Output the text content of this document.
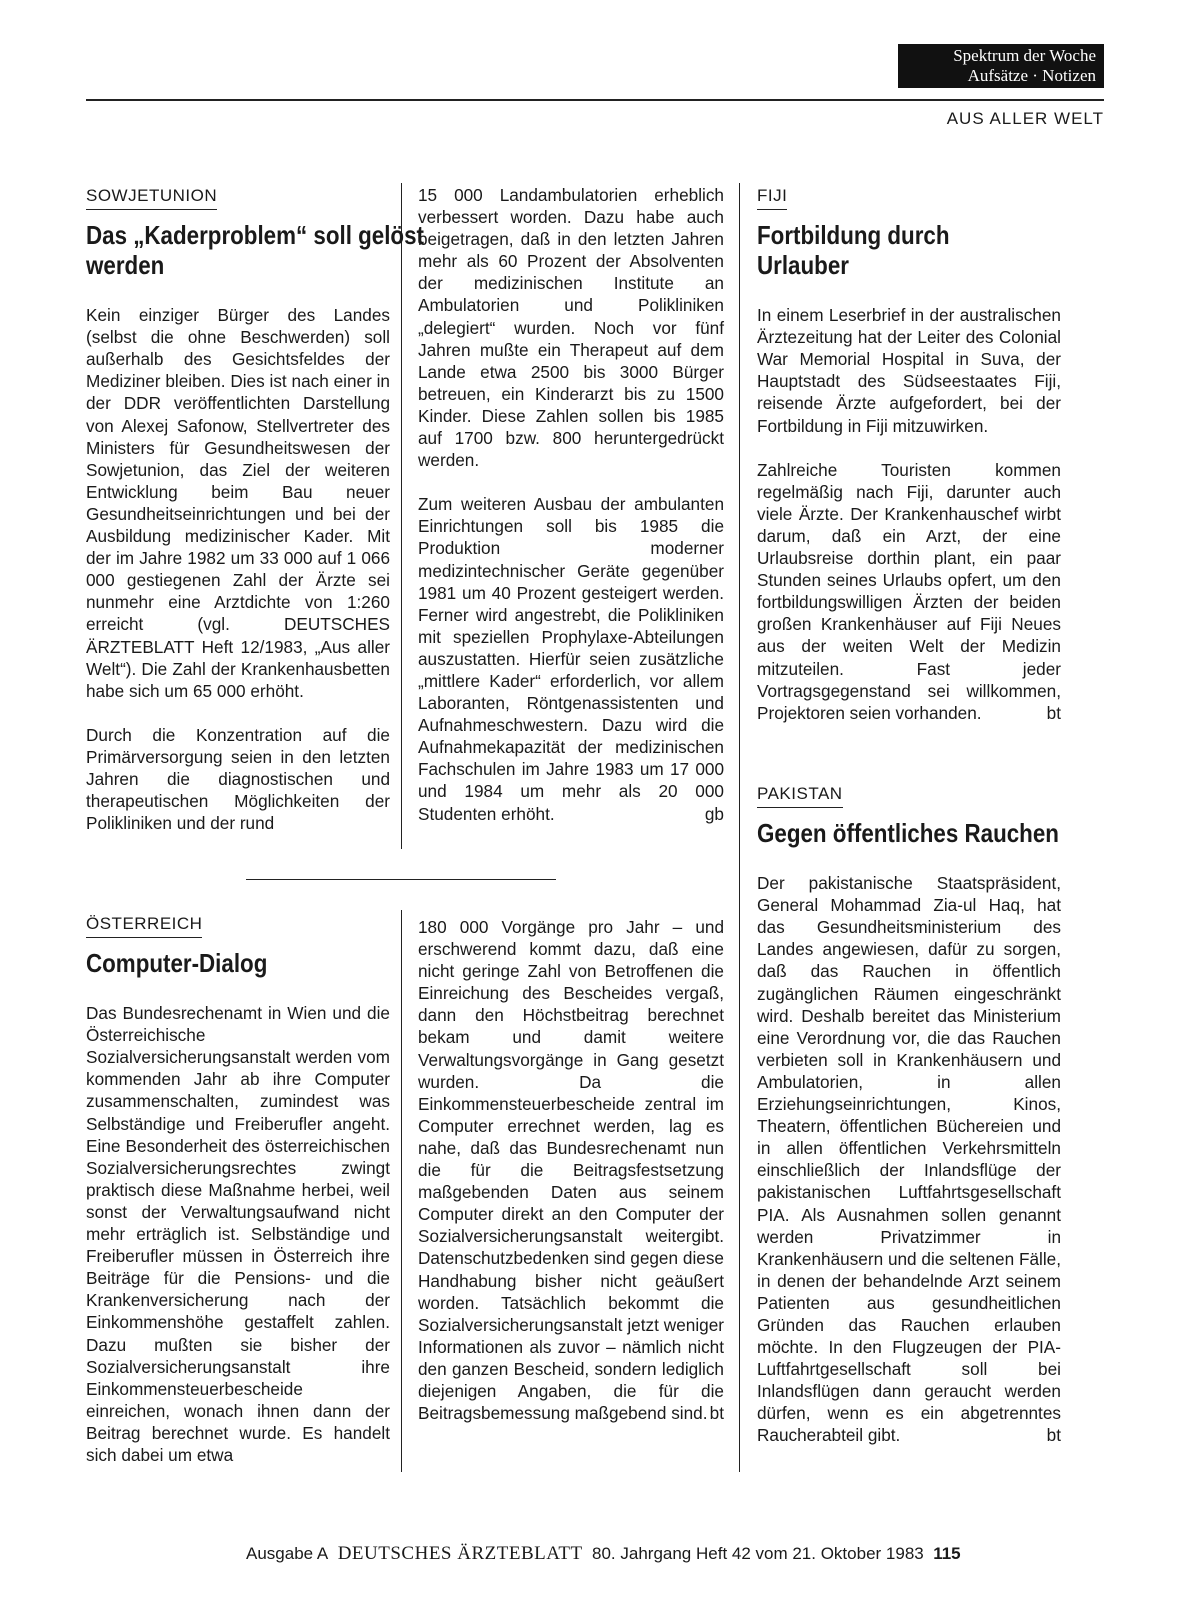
Spektrum der Woche
Aufsätze · Notizen
AUS ALLER WELT
SOWJETUNION
Das „Kaderproblem“ soll gelöst werden

Kein einziger Bürger des Landes (selbst die ohne Beschwerden) soll außerhalb des Gesichtsfeldes der Mediziner bleiben. Dies ist nach einer in der DDR veröffentlichten Darstellung von Alexej Safonow, Stellvertreter des Ministers für Gesundheitswesen der Sowjetunion, das Ziel der weiteren Entwicklung beim Bau neuer Gesundheitseinrichtungen und bei der Ausbildung medizinischer Kader. Mit der im Jahre 1982 um 33 000 auf 1 066 000 gestiegenen Zahl der Ärzte sei nunmehr eine Arztdichte von 1:260 erreicht (vgl. DEUTSCHES ÄRZTEBLATT Heft 12/1983, „Aus aller Welt“). Die Zahl der Krankenhausbetten habe sich um 65 000 erhöht.

Durch die Konzentration auf die Primärversorgung seien in den letzten Jahren die diagnostischen und therapeutischen Möglichkeiten der Polikliniken und der rund

15 000 Landambulatorien erheblich verbessert worden. Dazu habe auch beigetragen, daß in den letzten Jahren mehr als 60 Prozent der Absolventen der medizinischen Institute an Ambulatorien und Polikliniken „delegiert“ wurden. Noch vor fünf Jahren mußte ein Therapeut auf dem Lande etwa 2500 bis 3000 Bürger betreuen, ein Kinderarzt bis zu 1500 Kinder. Diese Zahlen sollen bis 1985 auf 1700 bzw. 800 heruntergedrückt werden.

Zum weiteren Ausbau der ambulanten Einrichtungen soll bis 1985 die Produktion moderner medizintechnischer Geräte gegenüber 1981 um 40 Prozent gesteigert werden. Ferner wird angestrebt, die Polikliniken mit speziellen Prophylaxe-Abteilungen auszustatten. Hierfür seien zusätzliche „mittlere Kader“ erforderlich, vor allem Laboranten, Röntgenassistenten und Aufnahmeschwestern. Dazu wird die Aufnahmekapazität der medizinischen Fachschulen im Jahre 1983 um 17 000 und 1984 um mehr als 20 000 Studenten erhöht.	gb

ÖSTERREICH
Computer-Dialog

Das Bundesrechenamt in Wien und die Österreichische Sozialversicherungsanstalt werden vom kommenden Jahr ab ihre Computer zusammenschalten, zumindest was Selbständige und Freiberufler angeht. Eine Besonderheit des österreichischen Sozialversicherungsrechtes zwingt praktisch diese Maßnahme herbei, weil sonst der Verwaltungsaufwand nicht mehr erträglich ist. Selbständige und Freiberufler müssen in Österreich ihre Beiträge für die Pensions- und die Krankenversicherung nach der Einkommenshöhe gestaffelt zahlen. Dazu mußten sie bisher der Sozialversicherungsanstalt ihre Einkommensteuerbescheide einreichen, wonach ihnen dann der Beitrag berechnet wurde. Es handelt sich dabei um etwa

180 000 Vorgänge pro Jahr – und erschwerend kommt dazu, daß eine nicht geringe Zahl von Betroffenen die Einreichung des Bescheides vergaß, dann den Höchstbeitrag berechnet bekam und damit weitere Verwaltungsvorgänge in Gang gesetzt wurden. Da die Einkommensteuerbescheide zentral im Computer errechnet werden, lag es nahe, daß das Bundesrechenamt nun die für die Beitragsfestsetzung maßgebenden Daten aus seinem Computer direkt an den Computer der Sozialversicherungsanstalt weitergibt. Datenschutzbedenken sind gegen diese Handhabung bisher nicht geäußert worden. Tatsächlich bekommt die Sozialversicherungsanstalt jetzt weniger Informationen als zuvor – nämlich nicht den ganzen Bescheid, sondern lediglich diejenigen Angaben, die für die Beitragsbemessung maßgebend sind. bt

FIJI
Fortbildung durch Urlauber

In einem Leserbrief in der australischen Ärztezeitung hat der Leiter des Colonial War Memorial Hospital in Suva, der Hauptstadt des Südseestaates Fiji, reisende Ärzte aufgefordert, bei der Fortbildung in Fiji mitzuwirken.

Zahlreiche Touristen kommen regelmäßig nach Fiji, darunter auch viele Ärzte. Der Krankenhauschef wirbt darum, daß ein Arzt, der eine Urlaubsreise dorthin plant, ein paar Stunden seines Urlaubs opfert, um den fortbildungswilligen Ärzten der beiden großen Krankenhäuser auf Fiji Neues aus der weiten Welt der Medizin mitzuteilen. Fast jeder Vortragsgegenstand sei willkommen, Projektoren seien vorhanden.	bt

PAKISTAN
Gegen öffentliches Rauchen

Der pakistanische Staatspräsident, General Mohammad Zia-ul Haq, hat das Gesundheitsministerium des Landes angewiesen, dafür zu sorgen, daß das Rauchen in öffentlich zugänglichen Räumen eingeschränkt wird. Deshalb bereitet das Ministerium eine Verordnung vor, die das Rauchen verbieten soll in Krankenhäusern und Ambulatorien, in allen Erziehungseinrichtungen, Kinos, Theatern, öffentlichen Büchereien und in allen öffentlichen Verkehrsmitteln einschließlich der Inlandsflüge der pakistanischen Luftfahrtsgesellschaft PIA. Als Ausnahmen sollen genannt werden Privatzimmer in Krankenhäusern und die seltenen Fälle, in denen der behandelnde Arzt seinem Patienten aus gesundheitlichen Gründen das Rauchen erlauben möchte. In den Flugzeugen der PIA-Luftfahrtgesellschaft soll bei Inlandsflügen dann geraucht werden dürfen, wenn es ein abgetrenntes Raucherabteil gibt.	bt

Ausgabe A DEUTSCHES ÄRZTEBLATT 80. Jahrgang Heft 42 vom 21. Oktober 1983 115
